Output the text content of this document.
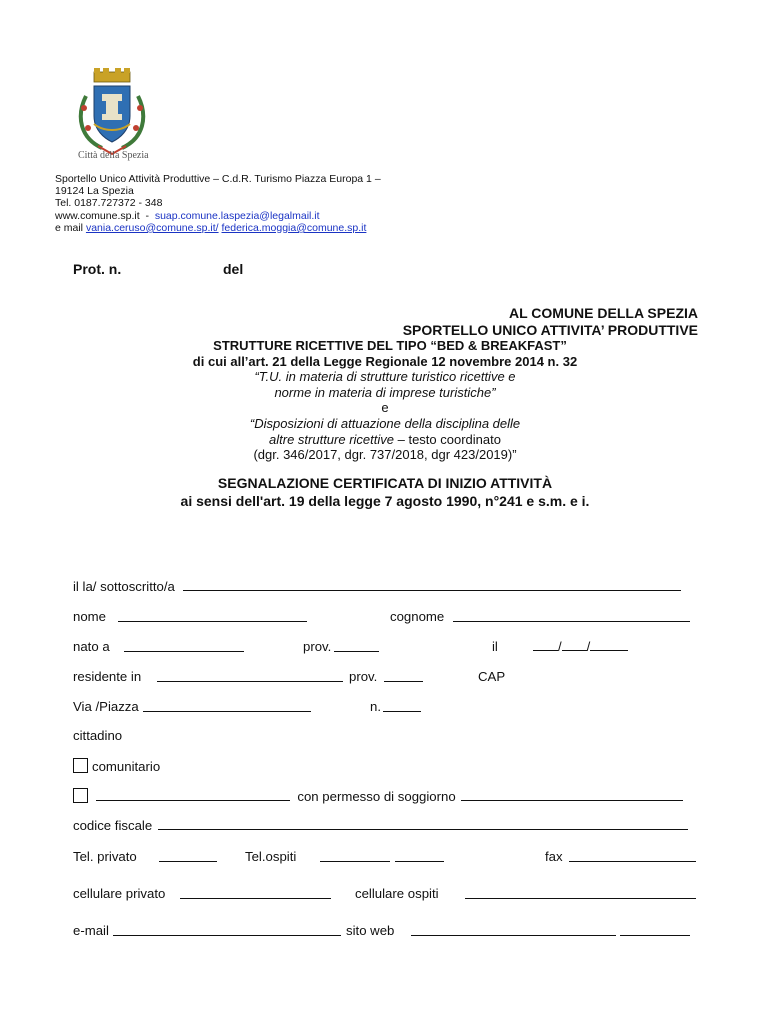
Città della Spezia
Sportello Unico Attività Produttive – C.d.R. Turismo Piazza Europa 1 –
19124 La Spezia
Tel. 0187.727372 - 348
www.comune.sp.it - suap.comune.laspezia@legalmail.it
e mail vania.ceruso@comune.sp.it/ federica.moggia@comune.sp.it
Prot. n.	del
AL COMUNE DELLA SPEZIA
SPORTELLO UNICO ATTIVITA’ PRODUTTIVE
STRUTTURE RICETTIVE DEL TIPO “BED & BREAKFAST”
di cui all’art. 21 della Legge Regionale 12 novembre 2014 n. 32
“T.U. in materia di strutture turistico ricettive e
norme in materia di imprese turistiche”
e
“Disposizioni di attuazione della disciplina delle
altre strutture ricettive – testo coordinato
(dgr. 346/2017, dgr. 737/2018, dgr 423/2019)”
SEGNALAZIONE CERTIFICATA DI INIZIO ATTIVITÀ
ai sensi dell'art. 19 della legge 7 agosto 1990, n°241 e s.m. e i.
il la/ sottoscritto/a
nome	cognome
nato a	prov.	il	/ /
residente in	prov.	CAP
Via /Piazza	n.
cittadino
comunitario
con permesso di soggiorno
codice fiscale
Tel. privato	Tel.ospiti	fax
cellulare privato	cellulare ospiti
e-mail	sito web
